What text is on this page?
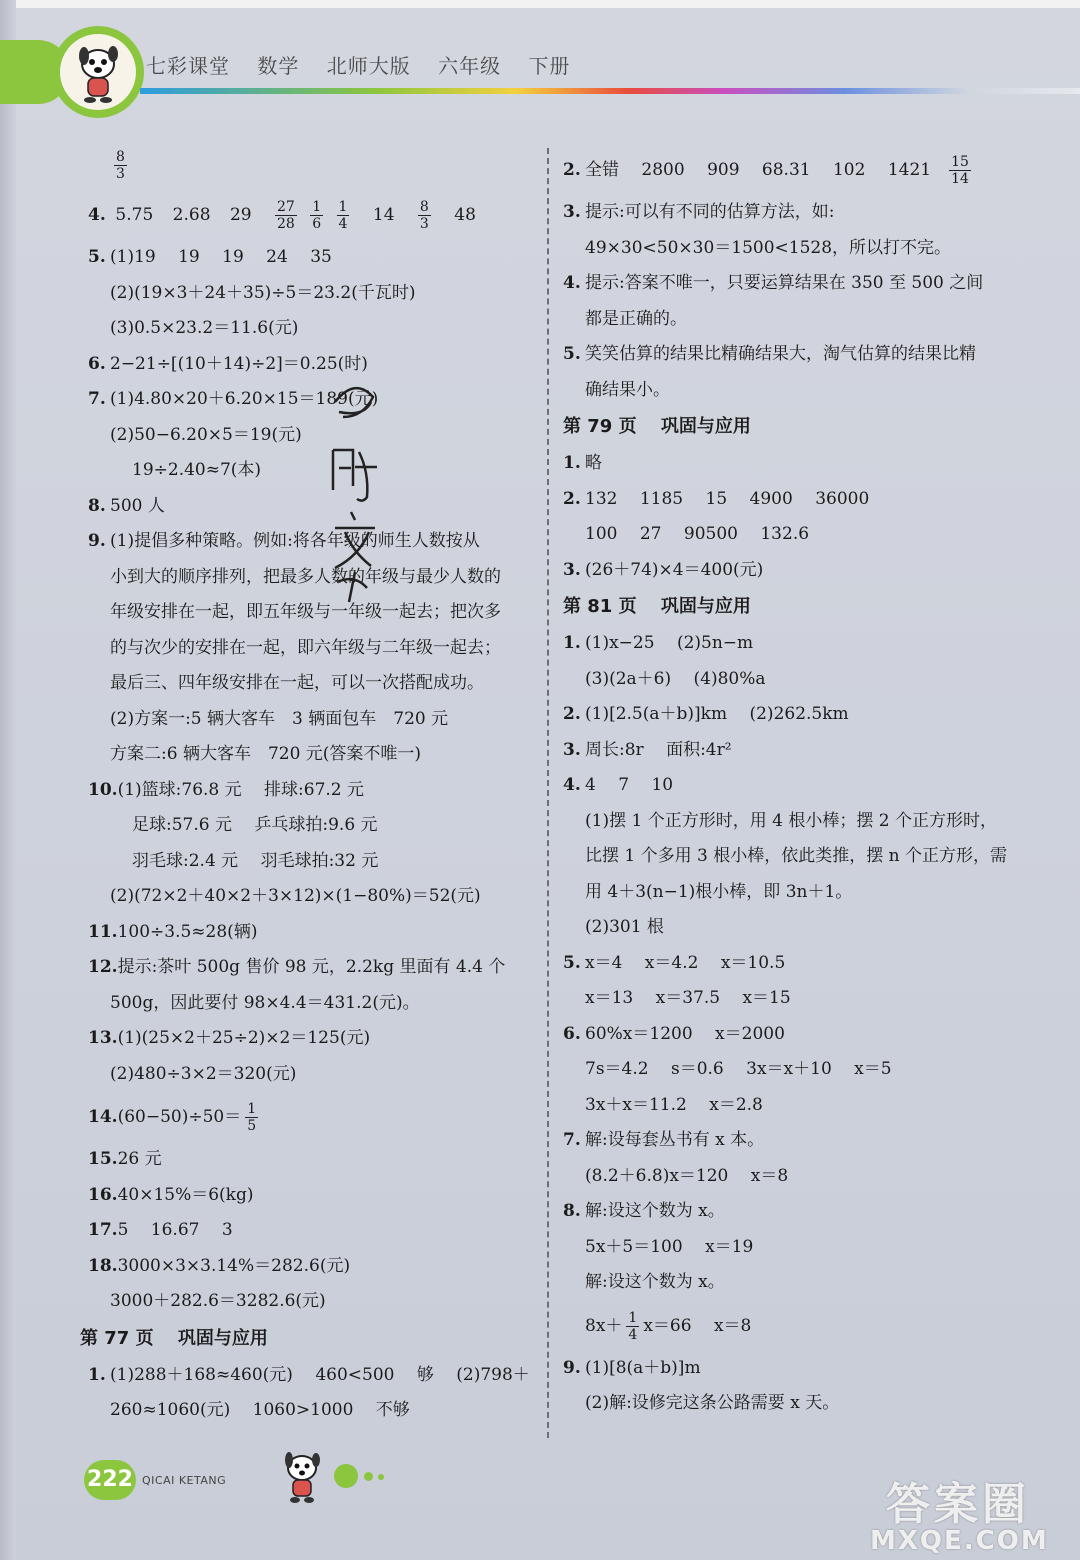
七彩课堂 数学 北师大版 六年级 下册
$\frac{8}{3}$
4. 5.75 2.68 $29 \frac{27}{28}$
$\frac{1}{6}$
$\frac{1}{4} 14 \frac{8}{3} 48$
5. (1)19　 19　 19　 24　 35
(2)(19×3＋24＋35)÷5＝23.2(千瓦时)
(3)0.5×23.2＝11.6(元)
6. 2−21÷[(10＋14)÷2]＝0.25(时)
7. (1)4.80×20＋6.20×15＝189(元)
(2)50−6.20×5＝19(元)
19÷2.40≈7(本)
8. 500 人
9. (1)提倡多种策略。例如:将各年级的师生人数按从
小到大的顺序排列，把最多人数的年级与最少人数的
年级安排在一起，即五年级与一年级一起去；把次多
的与次少的安排在一起，即六年级与二年级一起去；
最后三、四年级安排在一起，可以一次搭配成功。
(2)方案一:5 辆大客车　3 辆面包车　720 元
方案二:6 辆大客车　720 元(答案不唯一)
10.(1)篮球:76.8 元　 排球:67.2 元
足球:57.6 元　 乒乓球拍:9.6 元
羽毛球:2.4 元　 羽毛球拍:32 元
(2)(72×2＋40×2＋3×12)×(1−80%)＝52(元)
11.100÷3.5≈28(辆)
12.提示:茶叶 500g 售价 98 元，2.2kg 里面有 4.4 个
500g，因此要付 98×4.4＝431.2(元)。
13.(1)(25×2＋25÷2)×2＝125(元)
(2)480÷3×2＝320(元)
$14.(60-50)\div 50= \frac{1}{5}$
15.26 元
16.40×15%＝6(kg)
17.5　 16.67　 3
18.3000×3×3.14%＝282.6(元)
3000＋282.6＝3282.6(元)
第 77 页　 巩固与应用
1. (1)288＋168≈460(元)　 460<500　 够　 (2)798＋
260≈1060(元)　 1060>1000　 不够
2. 全错　 2800　 909　 68.31　 102　 $1421 \frac{15}{14}$
3. 提示:可以有不同的估算方法，如:
49×30<50×30＝1500<1528，所以打不完。
4. 提示:答案不唯一，只要运算结果在 350 至 500 之间
都是正确的。
5. 笑笑估算的结果比精确结果大，淘气估算的结果比精
确结果小。
第 79 页　 巩固与应用
1. 略
2. 132　 1185　 15　 4900　 36000
100　 27　 90500　 132.6
3. (26＋74)×4＝400(元)
第 81 页　 巩固与应用
1. (1)x−25　 (2)5n−m
(3)(2a＋6)　 (4)80%a
2. (1)[2.5(a＋b)]km　 (2)262.5km
3. 周长:8r　 面积:4r²
4. 4　 7　 10
(1)摆 1 个正方形时，用 4 根小棒；摆 2 个正方形时，
比摆 1 个多用 3 根小棒，依此类推，摆 n 个正方形，需
用 4＋3(n−1)根小棒，即 3n＋1。
(2)301 根
5. x＝4　 x＝4.2　 x＝10.5
x＝13　 x＝37.5　 x＝15
6. 60%x＝1200　 x＝2000
7s＝4.2　 s＝0.6　 3x＝x＋10　 x＝5
3x＋x＝11.2　 x＝2.8
7. 解:设每套丛书有 x 本。
(8.2＋6.8)x＝120　 x＝8
8. 解:设这个数为 x。
5x＋5＝100　 x＝19
解:设这个数为 x。
$8x+ \frac{1}{4} x=66$　 x＝8
9. (1)[8(a＋b)]m
(2)解:设修完这条公路需要 x 天。
222 QICAI KETANG	答案圈
MXQE.COM
